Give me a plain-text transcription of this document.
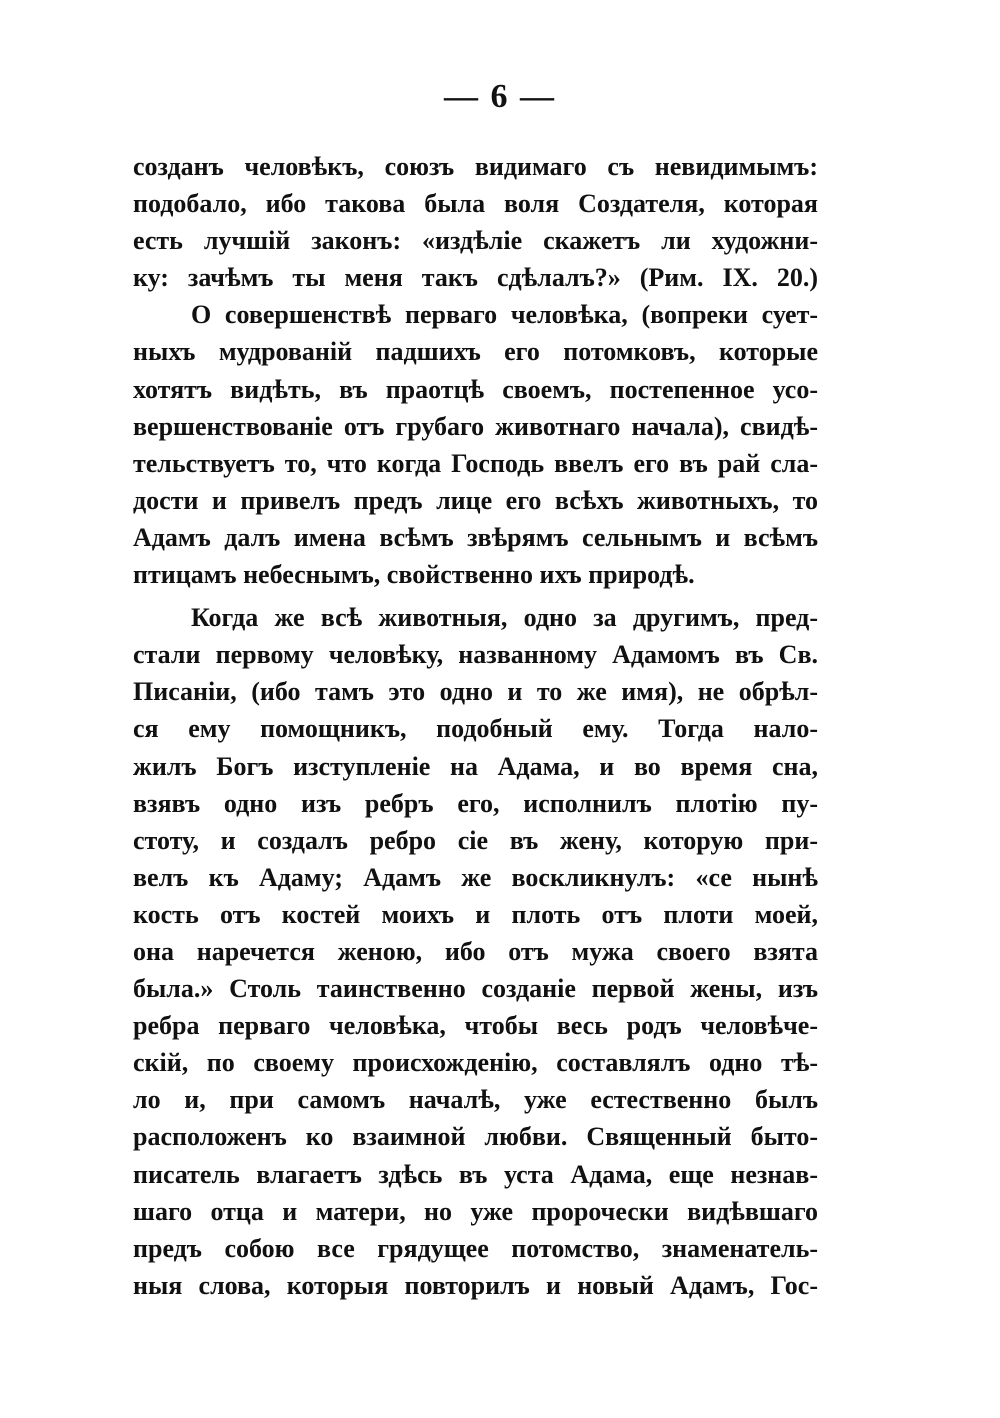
— 6 —
созданъ человѣкъ, союзъ видимаго съ невидимымъ:
подобало, ибо такова была воля Создателя, которая
есть лучшій законъ: «издѣліе скажетъ ли художни-
ку: зачѣмъ ты меня такъ сдѣлалъ?» (Рим. IX. 20.)
О совершенствѣ перваго человѣка, (вопреки сует-
ныхъ мудрованій падшихъ его потомковъ, которые
хотятъ видѣть, въ праотцѣ своемъ, постепенное усо-
вершенствованіе отъ грубаго животнаго начала), свидѣ-
тельствуетъ то, что когда Господь ввелъ его въ рай сла-
дости и привелъ предъ лице его всѣхъ животныхъ, то
Адамъ далъ имена всѣмъ звѣрямъ сельнымъ и всѣмъ
птицамъ небеснымъ, свойственно ихъ природѣ.
Когда же всѣ животныя, одно за другимъ, пред-
стали первому человѣку, названному Адамомъ въ Св.
Писаніи, (ибо тамъ это одно и то же имя), не обрѣл-
ся ему помощникъ, подобный ему. Тогда нало-
жилъ Богъ изступленіе на Адама, и во время сна,
взявъ одно изъ ребръ его, исполнилъ плотію пу-
стоту, и создалъ ребро сіе въ жену, которую при-
велъ къ Адаму; Адамъ же воскликнулъ: «се нынѣ
кость отъ костей моихъ и плоть отъ плоти моей,
она наречется женою, ибо отъ мужа своего взята
была.» Столь таинственно созданіе первой жены, изъ
ребра перваго человѣка, чтобы весь родъ человѣче-
скій, по своему происхожденію, составлялъ одно тѣ-
ло и, при самомъ началѣ, уже естественно былъ
расположенъ ко взаимной любви. Священный быто-
писатель влагаетъ здѣсь въ уста Адама, еще незнав-
шаго отца и матери, но уже пророчески видѣвшаго
предъ собою все грядущее потомство, знаменатель-
ныя слова, которыя повторилъ и новый Адамъ, Гос-
